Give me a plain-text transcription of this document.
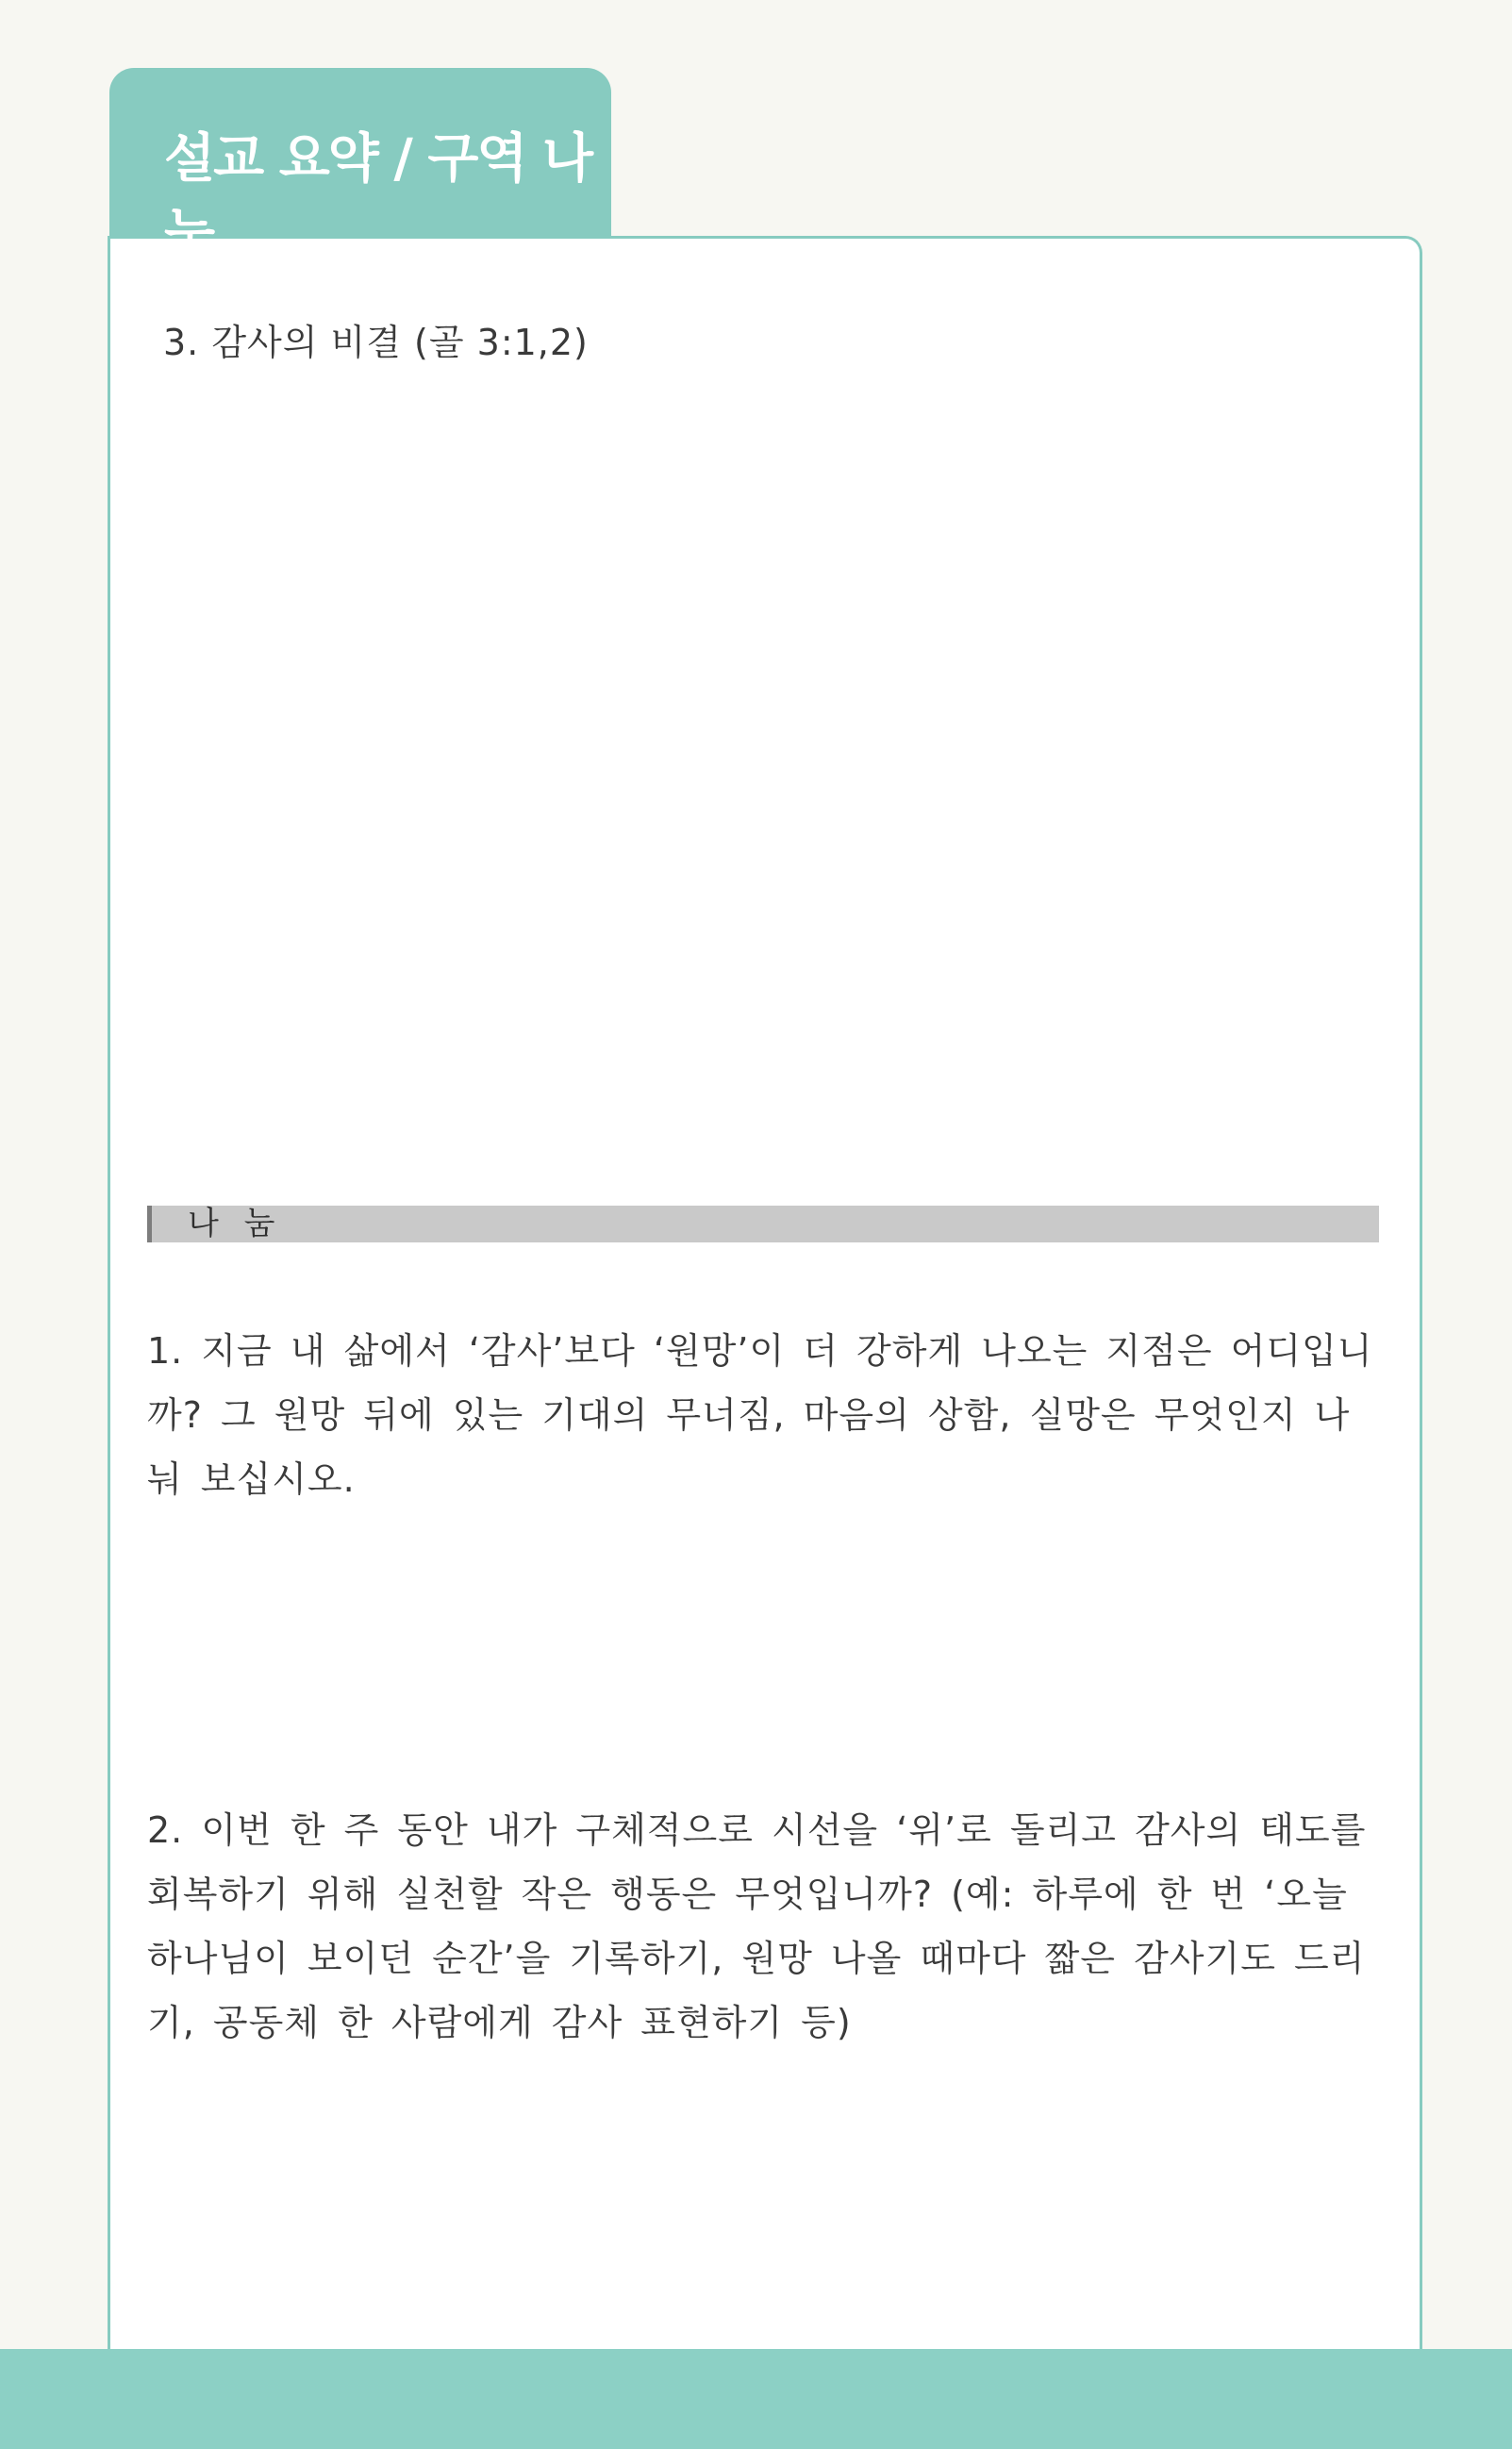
설교 요약 / 구역 나눔
3. 감사의 비결 (골 3:1,2)
나 눔

1. 지금 내 삶에서 ‘감사’보다 ‘원망’이 더 강하게 나오는 지점은 어디입니까? 그 원망 뒤에 있는 기대의 무너짐, 마음의 상함, 실망은 무엇인지 나눠 보십시오.

2. 이번 한 주 동안 내가 구체적으로 시선을 ‘위’로 돌리고 감사의 태도를 회복하기 위해 실천할 작은 행동은 무엇입니까? (예: 하루에 한 번 ‘오늘 하나님이 보이던 순간’을 기록하기, 원망 나올 때마다 짧은 감사기도 드리기, 공동체 한 사람에게 감사 표현하기 등)
